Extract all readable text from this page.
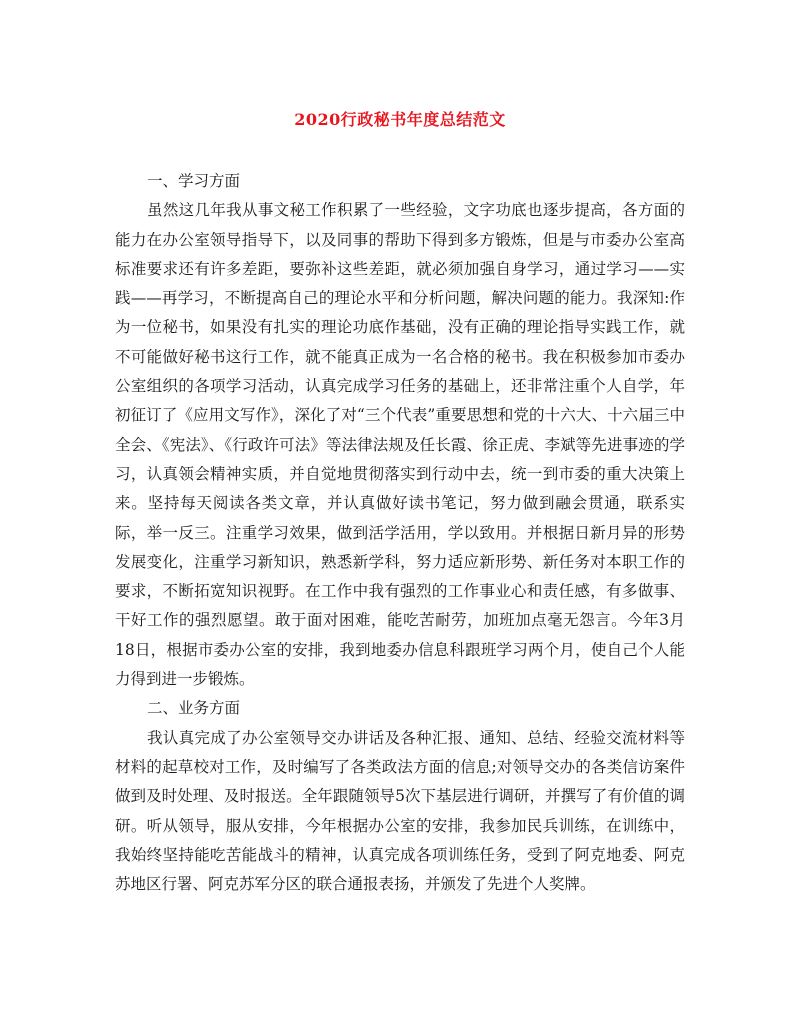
2020行政秘书年度总结范文

一、学习方面

虽然这几年我从事文秘工作积累了一些经验，文字功底也逐步提高，各方面的能力在办公室领导指导下，以及同事的帮助下得到多方锻炼，但是与市委办公室高标准要求还有许多差距，要弥补这些差距，就必须加强自身学习，通过学习——实践——再学习，不断提高自己的理论水平和分析问题，解决问题的能力。我深知:作为一位秘书，如果没有扎实的理论功底作基础，没有正确的理论指导实践工作，就不可能做好秘书这行工作，就不能真正成为一名合格的秘书。我在积极参加市委办公室组织的各项学习活动，认真完成学习任务的基础上，还非常注重个人自学，年初征订了《应用文写作》，深化了对“三个代表”重要思想和党的十六大、十六届三中全会、《宪法》、《行政许可法》等法律法规及任长霞、徐正虎、李斌等先进事迹的学习，认真领会精神实质，并自觉地贯彻落实到行动中去，统一到市委的重大决策上来。坚持每天阅读各类文章，并认真做好读书笔记，努力做到融会贯通，联系实际，举一反三。注重学习效果，做到活学活用，学以致用。并根据日新月异的形势发展变化，注重学习新知识，熟悉新学科，努力适应新形势、新任务对本职工作的要求，不断拓宽知识视野。在工作中我有强烈的工作事业心和责任感，有多做事、干好工作的强烈愿望。敢于面对困难，能吃苦耐劳，加班加点毫无怨言。今年3月18日，根据市委办公室的安排，我到地委办信息科跟班学习两个月，使自己个人能力得到进一步锻炼。

二、业务方面

我认真完成了办公室领导交办讲话及各种汇报、通知、总结、经验交流材料等材料的起草校对工作，及时编写了各类政法方面的信息;对领导交办的各类信访案件做到及时处理、及时报送。全年跟随领导5次下基层进行调研，并撰写了有价值的调研。听从领导，服从安排，今年根据办公室的安排，我参加民兵训练，在训练中，我始终坚持能吃苦能战斗的精神，认真完成各项训练任务，受到了阿克地委、阿克苏地区行署、阿克苏军分区的联合通报表扬，并颁发了先进个人奖牌。
